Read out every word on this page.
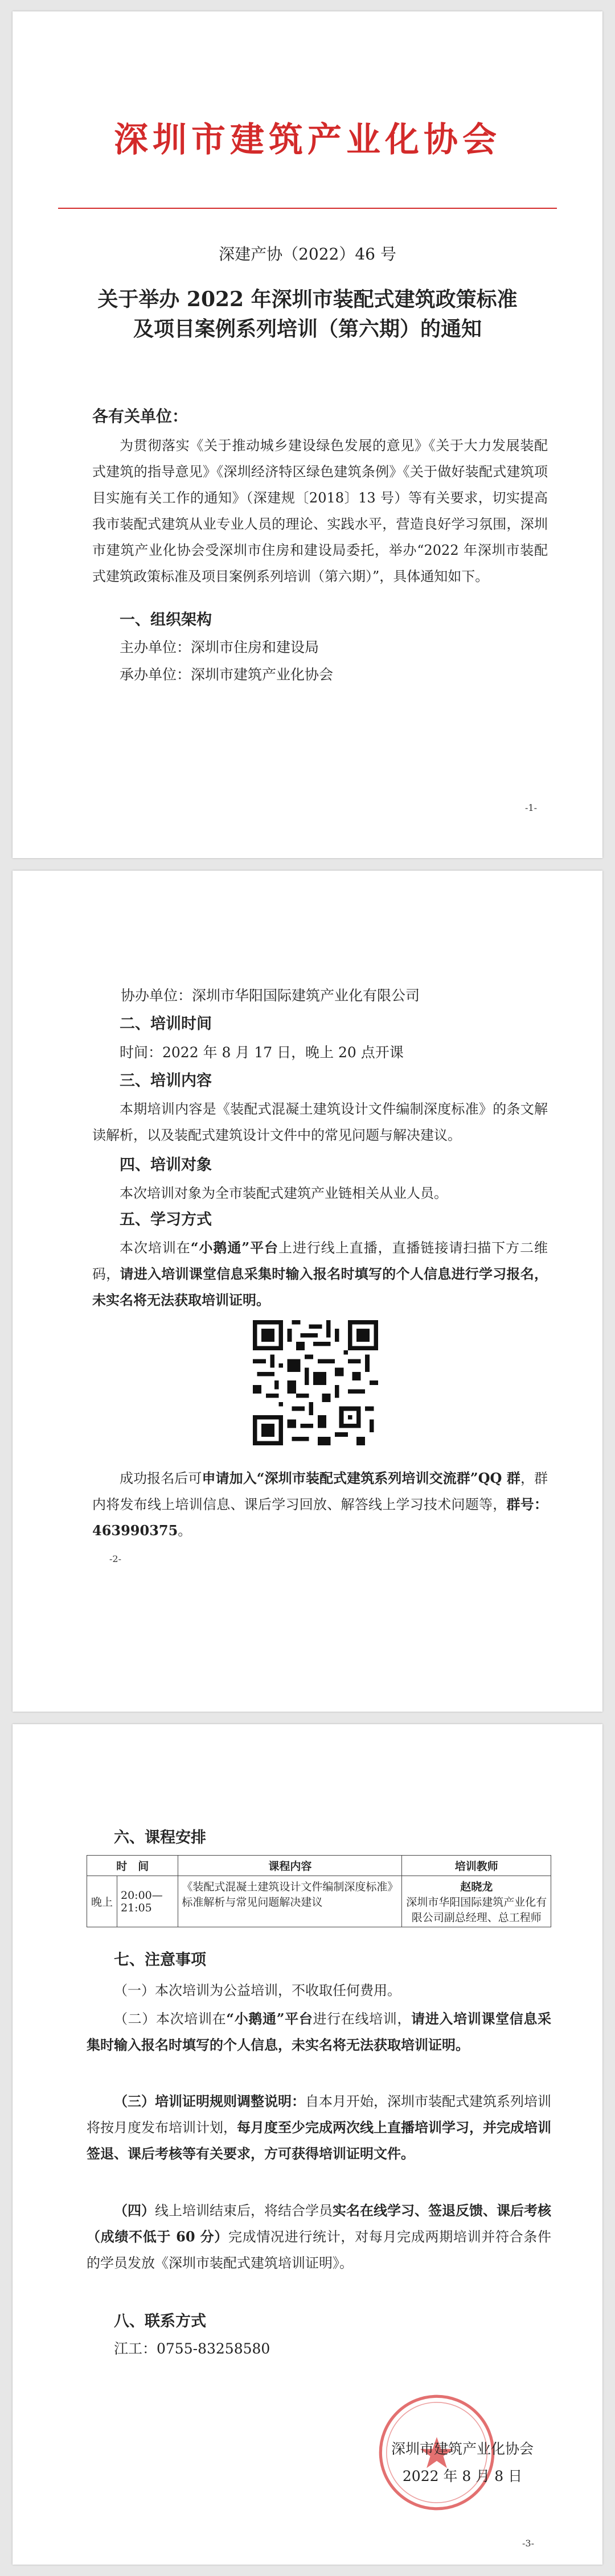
深圳市建筑产业化协会
深建产协（2022）46 号
关于举办 2022 年深圳市装配式建筑政策标准
及项目案例系列培训（第六期）的通知
各有关单位：
为贯彻落实《关于推动城乡建设绿色发展的意见》《关于大力发展装配式建筑的指导意见》《深圳经济特区绿色建筑条例》《关于做好装配式建筑项目实施有关工作的通知》（深建规〔2018〕13 号）等有关要求，切实提高我市装配式建筑从业专业人员的理论、实践水平，营造良好学习氛围，深圳市建筑产业化协会受深圳市住房和建设局委托，举办“2022 年深圳市装配式建筑政策标准及项目案例系列培训（第六期）”，具体通知如下。
一、组织架构
主办单位：深圳市住房和建设局
承办单位：深圳市建筑产业化协会
-1-
协办单位：深圳市华阳国际建筑产业化有限公司
二、培训时间
时间：2022 年 8 月 17 日，晚上 20 点开课
三、培训内容
本期培训内容是《装配式混凝土建筑设计文件编制深度标准》的条文解读解析，以及装配式建筑设计文件中的常见问题与解决建议。
四、培训对象
本次培训对象为全市装配式建筑产业链相关从业人员。
五、学习方式
本次培训在“小鹅通”平台上进行线上直播，直播链接请扫描下方二维码，请进入培训课堂信息采集时输入报名时填写的个人信息进行学习报名，未实名将无法获取培训证明。
成功报名后可申请加入“深圳市装配式建筑系列培训交流群”QQ 群，群内将发布线上培训信息、课后学习回放、解答线上学习技术问题等，群号：463990375。
-2-
六、课程安排
时　间		课程内容	培训教师
晚上	20:00—21:05	《装配式混凝土建筑设计文件编制深度标准》标准解析与常见问题解决建议	赵晓龙
深圳市华阳国际建筑产业化有限公司副总经理、总工程师
七、注意事项
（一）本次培训为公益培训，不收取任何费用。
（二）本次培训在“小鹅通”平台进行在线培训，请进入培训课堂信息采集时输入报名时填写的个人信息，未实名将无法获取培训证明。
（三）培训证明规则调整说明：自本月开始，深圳市装配式建筑系列培训将按月度发布培训计划，每月度至少完成两次线上直播培训学习，并完成培训签退、课后考核等有关要求，方可获得培训证明文件。
（四）线上培训结束后，将结合学员实名在线学习、签退反馈、课后考核（成绩不低于 60 分）完成情况进行统计，对每月完成两期培训并符合条件的学员发放《深圳市装配式建筑培训证明》。
八、联系方式
江工：0755-83258580
深圳市建筑产业化协会
2022 年 8 月 8 日
-3-
